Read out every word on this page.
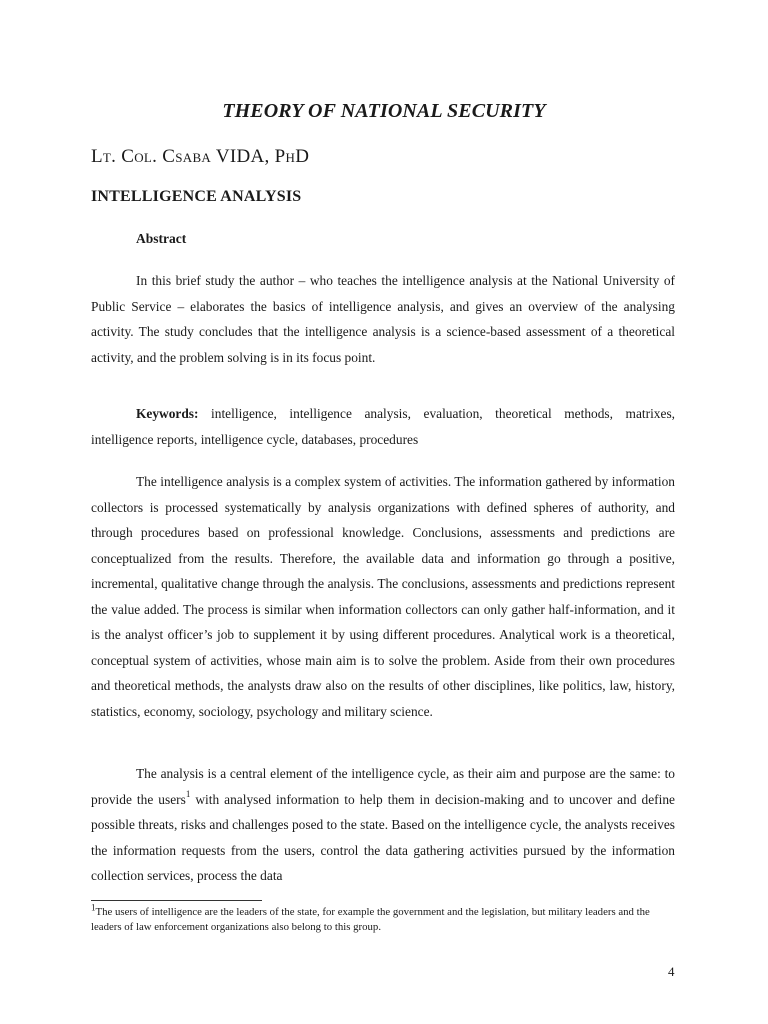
THEORY OF NATIONAL SECURITY
Lt. Col. Csaba VIDA, PhD
INTELLIGENCE ANALYSIS
Abstract

In this brief study the author – who teaches the intelligence analysis at the National University of Public Service – elaborates the basics of intelligence analysis, and gives an overview of the analysing activity. The study concludes that the intelligence analysis is a science-based assessment of a theoretical activity, and the problem solving is in its focus point.

Keywords: intelligence, intelligence analysis, evaluation, theoretical methods, matrixes, intelligence reports, intelligence cycle, databases, procedures

The intelligence analysis is a complex system of activities. The information gathered by information collectors is processed systematically by analysis organizations with defined spheres of authority, and through procedures based on professional knowledge. Conclusions, assessments and predictions are conceptualized from the results. Therefore, the available data and information go through a positive, incremental, qualitative change through the analysis. The conclusions, assessments and predictions represent the value added. The process is similar when information collectors can only gather half-information, and it is the analyst officer’s job to supplement it by using different procedures. Analytical work is a theoretical, conceptual system of activities, whose main aim is to solve the problem. Aside from their own procedures and theoretical methods, the analysts draw also on the results of other disciplines, like politics, law, history, statistics, economy, sociology, psychology and military science.

The analysis is a central element of the intelligence cycle, as their aim and purpose are the same: to provide the users$^1$ with analysed information to help them in decision-making and to uncover and define possible threats, risks and challenges posed to the state. Based on the intelligence cycle, the analysts receives the information requests from the users, control the data gathering activities pursued by the information collection services, process the data

$^1$The users of intelligence are the leaders of the state, for example the government and the legislation, but military leaders and the leaders of law enforcement organizations also belong to this group.
4
